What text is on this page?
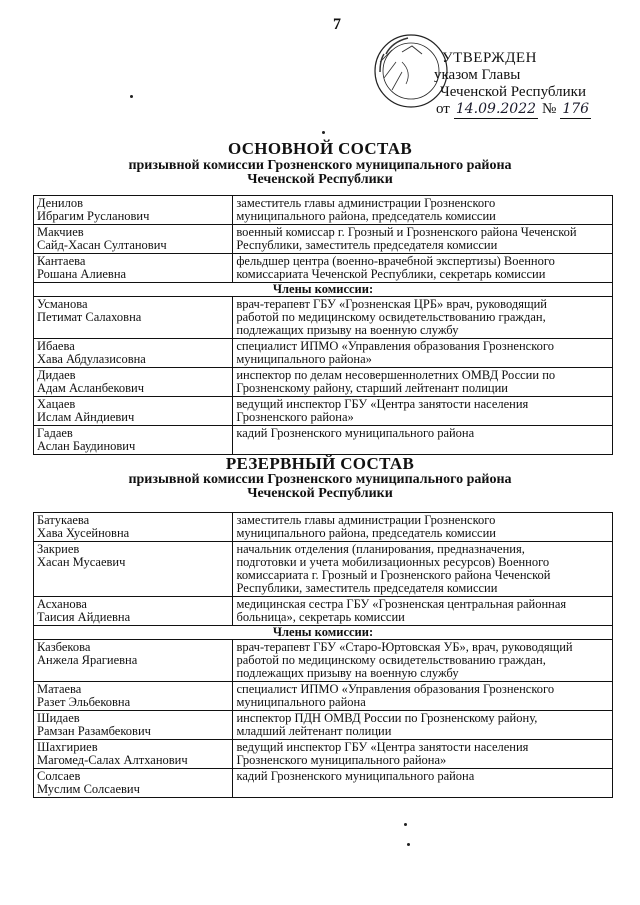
7
УТВЕРЖДЕН
указом Главы
Чеченской Республики
от 14.09.2022 № 176
ОСНОВНОЙ СОСТАВ
призывной комиссии Грозненского муниципального района
Чеченской Республики
Денилов
Ибрагим Русланович	заместитель главы администрации Грозненского
муниципального района, председатель комиссии

Макчиев
Сайд-Хасан Султанович	военный комиссар г. Грозный и Грозненского района Чеченской
Республики, заместитель председателя комиссии

Кантаева
Рошана Алиевна	фельдшер центра (военно-врачебной экспертизы) Военного
комиссариата Чеченской Республики, секретарь комиссии

Члены комиссии:	

Усманова
Петимат Салаховна	врач-терапевт ГБУ «Грозненская ЦРБ» врач, руководящий
работой по медицинскому освидетельствованию граждан,
подлежащих призыву на военную службу

Ибаева
Хава Абдулазисовна	специалист ИПМО «Управления образования Грозненского
муниципального района»

Дидаев
Адам Асланбекович	инспектор по делам несовершеннолетних ОМВД России по
Грозненскому району, старший лейтенант полиции

Хацаев
Ислам Айндиевич	ведущий инспектор ГБУ «Центра занятости населения
Грозненского района»

Гадаев
Аслан Баудинович	кадий Грозненского муниципального района
РЕЗЕРВНЫЙ СОСТАВ
призывной комиссии Грозненского муниципального района
Чеченской Республики
Батукаева
Хава Хусейновна	заместитель главы администрации Грозненского
муниципального района, председатель комиссии

Закриев
Хасан Мусаевич	начальник отделения (планирования, предназначения,
подготовки и учета мобилизационных ресурсов) Военного
комиссариата г. Грозный и Грозненского района Чеченской
Республики, заместитель председателя комиссии

Асханова
Таисия Айдиевна	медицинская сестра ГБУ «Грозненская центральная районная
больница», секретарь комиссии

Члены комиссии:	

Казбекова
Анжела Ярагиевна	врач-терапевт ГБУ «Старо-Юртовская УБ», врач, руководящий
работой по медицинскому освидетельствованию граждан,
подлежащих призыву на военную службу

Матаева
Разет Эльбековна	специалист ИПМО «Управления образования Грозненского
муниципального района

Шидаев
Рамзан Разамбекович	инспектор ПДН ОМВД России по Грозненскому району,
младший лейтенант полиции

Шахгириев
Магомед-Салах Алтханович	ведущий инспектор ГБУ «Центра занятости населения
Грозненского муниципального района»

Солсаев
Муслим Солсаевич	кадий Грозненского муниципального района
